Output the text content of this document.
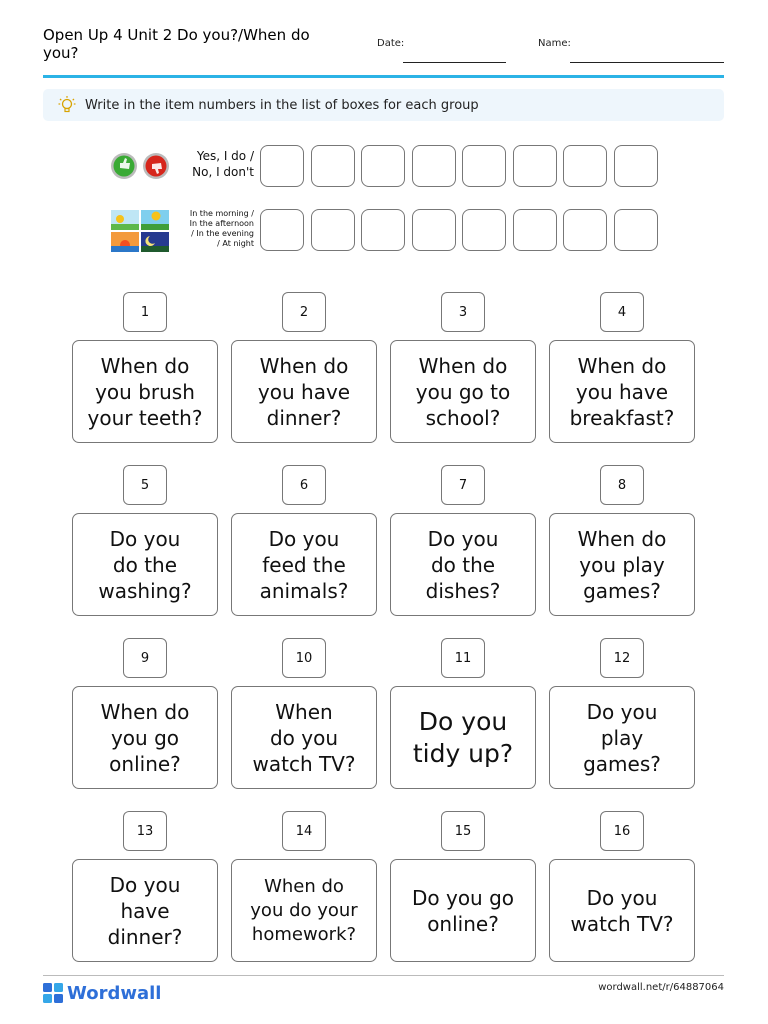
Open Up 4 Unit 2 Do you?/When do you?
Date:	Name:
Write in the item numbers in the list of boxes for each group
Yes, I do /
No, I don't
In the morning /
In the afternoon
/ In the evening
/ At night
1
When do
you brush
your teeth?
2
When do
you have
dinner?
3
When do
you go to
school?
4
When do
you have
breakfast?
5
Do you
do the
washing?
6
Do you
feed the
animals?
7
Do you
do the
dishes?
8
When do
you play
games?
9
When do
you go
online?
10
When
do you
watch TV?
11
Do you
tidy up?
12
Do you
play
games?
13
Do you
have
dinner?
14
When do
you do your
homework?
15
Do you go
online?
16
Do you
watch TV?
Wordwall	wordwall.net/r/64887064
